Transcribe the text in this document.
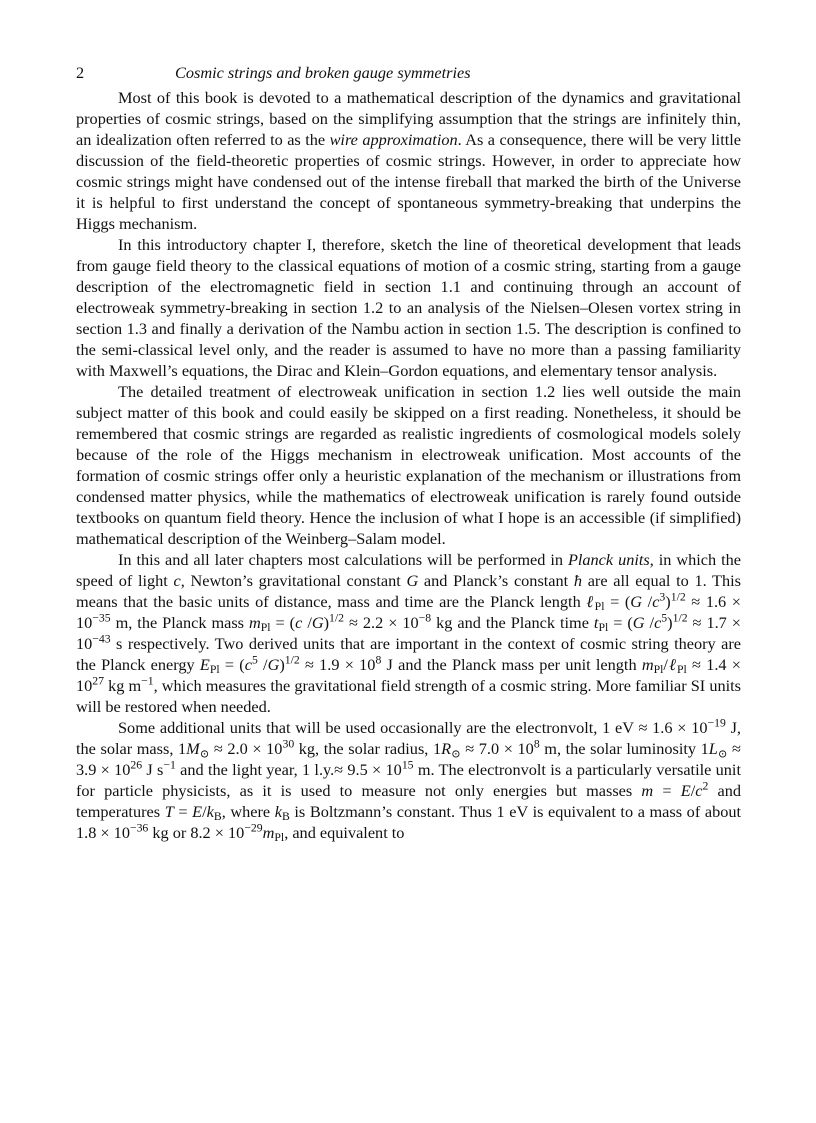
2	Cosmic strings and broken gauge symmetries

Most of this book is devoted to a mathematical description of the dynamics and gravitational properties of cosmic strings, based on the simplifying assumption that the strings are infinitely thin, an idealization often referred to as the wire approximation. As a consequence, there will be very little discussion of the field-theoretic properties of cosmic strings. However, in order to appreciate how cosmic strings might have condensed out of the intense fireball that marked the birth of the Universe it is helpful to first understand the concept of spontaneous symmetry-breaking that underpins the Higgs mechanism.

In this introductory chapter I, therefore, sketch the line of theoretical development that leads from gauge field theory to the classical equations of motion of a cosmic string, starting from a gauge description of the electromagnetic field in section 1.1 and continuing through an account of electroweak symmetry-breaking in section 1.2 to an analysis of the Nielsen–Olesen vortex string in section 1.3 and finally a derivation of the Nambu action in section 1.5. The description is confined to the semi-classical level only, and the reader is assumed to have no more than a passing familiarity with Maxwell’s equations, the Dirac and Klein–Gordon equations, and elementary tensor analysis.

The detailed treatment of electroweak unification in section 1.2 lies well outside the main subject matter of this book and could easily be skipped on a first reading. Nonetheless, it should be remembered that cosmic strings are regarded as realistic ingredients of cosmological models solely because of the role of the Higgs mechanism in electroweak unification. Most accounts of the formation of cosmic strings offer only a heuristic explanation of the mechanism or illustrations from condensed matter physics, while the mathematics of electroweak unification is rarely found outside textbooks on quantum field theory. Hence the inclusion of what I hope is an accessible (if simplified) mathematical description of the Weinberg–Salam model.

In this and all later chapters most calculations will be performed in Planck units, in which the speed of light c, Newton’s gravitational constant G and Planck’s constant ħ are all equal to 1. This means that the basic units of distance, mass and time are the Planck length ℓ$_{Pl}$ = (G $/c^3)^{1/2} \approx 1.6 \times 10^{-35}$ m, the Planck mass $m_{Pl} = (c$ $/G)^{1/2} \approx 2.2 \times 10^{-8}$ kg and the Planck time $t_{Pl} = (G$ $/c^5)^{1/2} \approx 1.7 \times 10^{-43}$ s respectively. Two derived units that are important in the context of cosmic string theory are the Planck energy $E_{Pl} = (c^5$ $/G)^{1/2} \approx 1.9 \times 10^8$ J and the Planck mass per unit length $m_{Pl}/\ell_{Pl} \approx 1.4 \times 10^{27}$ kg $m^{-1}$, which measures the gravitational field strength of a cosmic string. More familiar SI units will be restored when needed.

Some additional units that will be used occasionally are the electronvolt, 1 eV ≈ $1.6 \times 10^{-19}$ J, the solar mass, $1M_⊙ \approx 2.0 \times 10^{30}$ kg, the solar radius, $1R_⊙ \approx 7.0 \times 10^8$ m, the solar luminosity $1L_⊙ \approx 3.9 \times 10^{26}$ J $s^{-1}$ and the light year, 1 $l.y.\approx 9.5 \times 10^{15}$ m. The electronvolt is a particularly versatile unit for particle physicists, as it is used to measure not only energies but masses $m = E/c^2$ and temperatures $T = E/k_B$, where $k_B$ is Boltzmann’s constant. Thus 1 eV is equivalent to a mass of about $1.8 \times 10^{-36}$ kg or $8.2 \times 10^{-29}m_{Pl}$, and equivalent to
